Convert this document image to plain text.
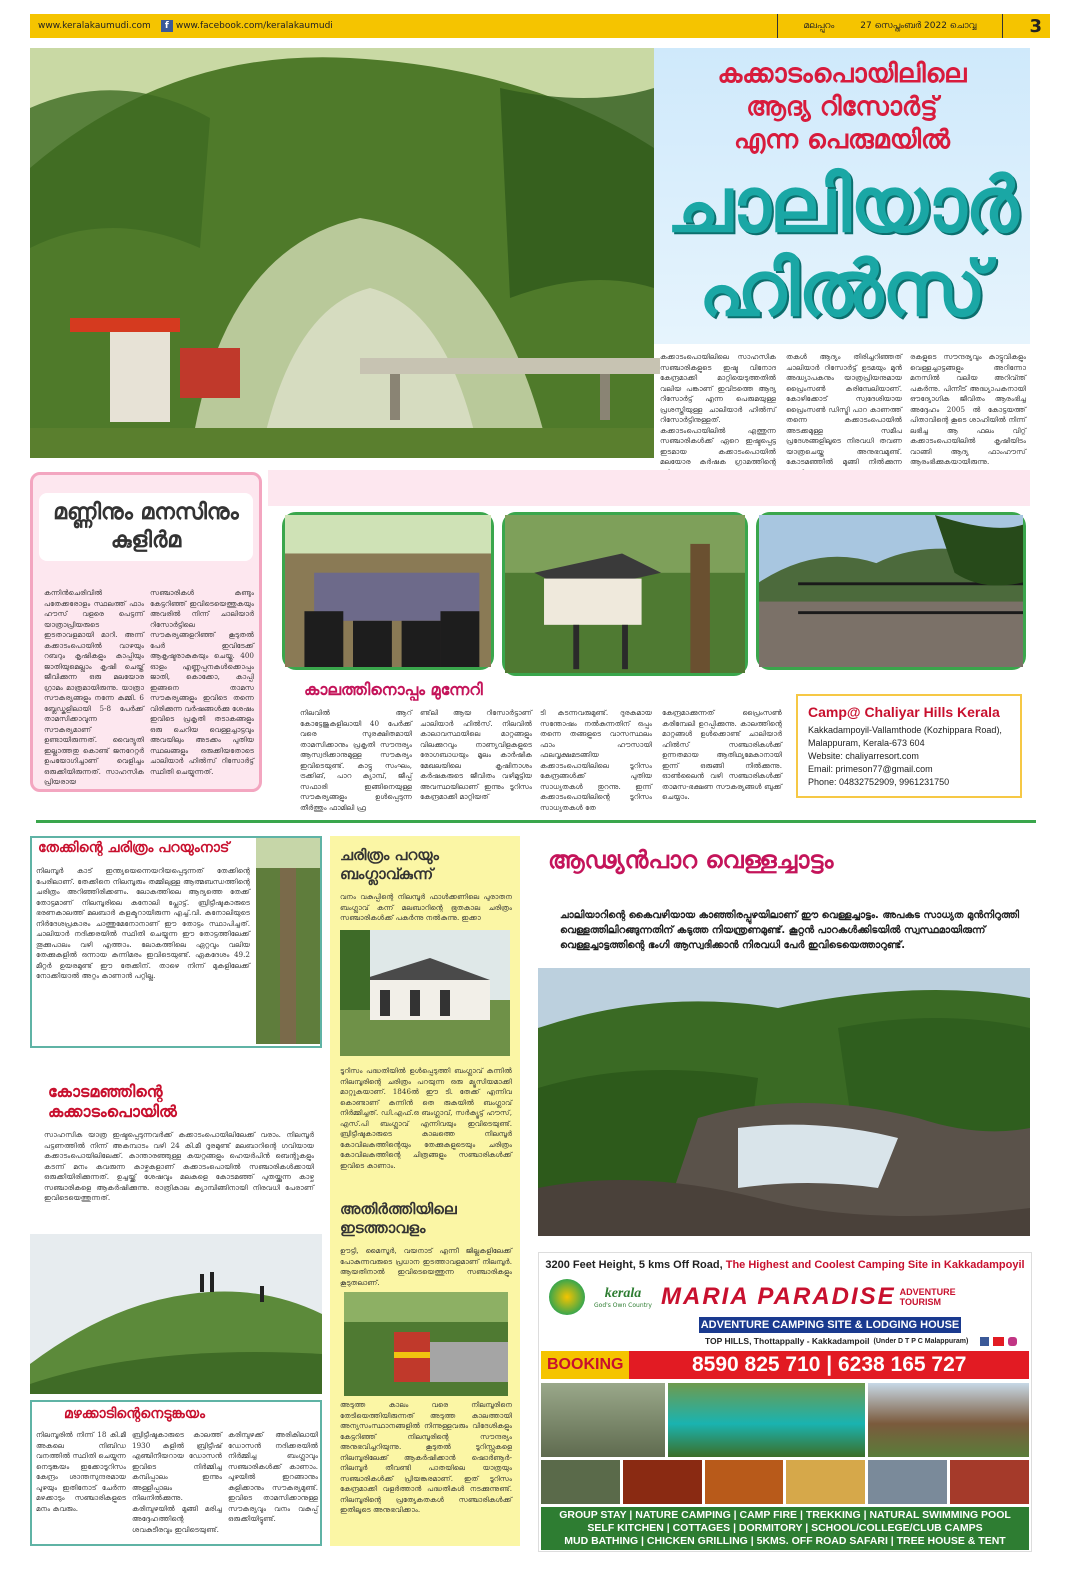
www.keralakaumudi.com	f www.facebook.com/keralakaumudi	മലപ്പുറം	27 സെപ്തംബർ 2022 ചൊവ്വ	3
കക്കാടംപൊയിലിലെ
ആദ്യ റിസോർട്ട്
എന്ന പെരുമയിൽ
ചാലിയാർ
ഹിൽസ്
കക്കാടംപൊയിലിലെ സാഹസിക സഞ്ചാരികളുടെ ഇഷ്ട വിനോദ കേന്ദ്രമാക്കി മാറ്റിയെടുത്തതിൽ വലിയ പങ്കാണ് ഇവിടത്തെ ആദ്യ റിസോർട്ട് എന്ന പെരുമയുള്ള പ്രശസ്തിയുള്ള ചാലിയാർ ഹിൽസ് റിസോർട്ടിനുള്ളത്. കക്കാടംപൊയിലിൽ എത്തുന്ന സഞ്ചാരികൾക്ക് ഏറെ ഇഷ്ടപ്പെട്ട ഇടമായ കക്കാടംപൊയിൽ മലയോര കർഷക ഗ്രാമത്തിന്റെ
തകൾ ആദ്യം തിരിച്ചറിഞ്ഞത് ചാലിയാർ റിസോർട്ട് ഉടമയും മുൻ അദ്ധ്യാപകനും യാത്രപ്രിയനുമായ പ്രൈംസൺ കരിമ്പേലിയാണ്. കോഴിക്കോട് സ്വദേശിയായ പ്രൈംസൺ ഡിസ്ട്രി പാറ കാണത്ത് തന്നെ കക്കാടംപൊയിൽ അടക്കമുള്ള സമീപ പ്രദേശങ്ങളിലൂടെ നിരവധി തവണ യാത്രചെയ്ത അനുഭവമുണ്ട്. കോടമഞ്ഞിൽ മുങ്ങി നിൽക്കുന്ന
രകളുടെ സൗന്ദര്യവും കാട്ടുവികളും വെള്ളച്ചാട്ടങ്ങളും അറിന്നോ മനസിൽ വലിയ അറിവ്ന്ത് പകർന്നു. പിന്നീട് അദ്ധ്യാപകനായി ഔദ്യോഗിക ജീവിതം ആരംഭിച്ച അദ്ദേഹം 2005 ൽ കോട്ടയത്ത് പിതാവിന്റെ കൂടെ ശാഹിയിൽ നിന്ന് ലഭിച്ച ആ ഫലം വിറ്റ് കക്കാടംപൊയിലിൽ കൃഷിയിടം വാങ്ങി ആദ്യ ഫാംഹൗസ് ആരംഭിക്കുകയായിരുന്നു.
മണ്ണിനും മനസിനും
കുളിർമ
കന്നിൻചെരിവിൽ പതേക്കരോളം സ്ഥലത്ത് ഫാം ഹൗസ് വളരെ പെട്ടന്ന് യാത്രാപ്രിയരുടെ ഇടതാവളമായി മാറി. അന്ന് കക്കാടംപൊയിൽ വാഴയും റബറും കൃഷികളും കാപ്പിയും ജാതിയുമെല്ലാം കൃഷി ചെയ്ത് ജീവിക്കുന്ന ഒരു മലയോര ഗ്രാമം മാത്രമായിരുന്നു. യാത്രാ സൗകര്യങ്ങളും നന്നേ കമ്മി. 6 ബ്ലേഡ്കളിലായി 5-8 പേർക്ക് താമസിക്കാവുന്ന സൗകര്യമാണ് ഉണ്ടായിരുന്നത്. വൈദ്യുതി ഇല്ലാത്തതു കൊണ്ട് ജനറേറ്റർ ഉപയോഗിച്ചാണ് വെളിച്ചം ഒരുക്കിയിരുന്നത്. സാഹസിക പ്രിയരായ
സഞ്ചാരികൾ കണ്ടും കേട്ടറിഞ്ഞ് ഇവിടെയെത്തുകയും അവരിൽ നിന്ന് ചാലിയാർ റിസോർട്ടിലെ സൗകര്യങ്ങളറിഞ്ഞ് കൂടുതൽ പേർ ഇവിടേക്ക് ആകൃഷ്ടരാകുകയും ചെയ്തു. 400 ഓളം എണ്ണപ്പനകൾക്കൊപ്പം ജാതി, കൊക്കോ, കാപ്പി ഇങ്ങനെ താമസ സൗകര്യങ്ങളും ഇവിടെ തന്നെ വിരിക്കുന്ന വർഷങ്ങൾക്കു ശേഷം ഇവിടെ പ്രകൃതി തടാകങ്ങളും ഒരു ചെറിയ വെള്ളച്ചാട്ടവും അവയിലും അടക്കം പുതിയ സ്ഥലങ്ങളും ഒരുക്കിയതോടെ ചാലിയാർ ഹിൽസ് റിസോർട്ട് സ്ഥിതി ചെയ്യുന്നത്.
കാലത്തിനൊപ്പം മുന്നേറി
നിലവിൽ ആറ് കോട്ടേജുകളിലായി 40 പേർക്ക് വരെ സുരക്ഷിതമായി താമസിക്കാനും പ്രകൃതി സൗന്ദര്യം ആസ്വദിക്കാനുമുള്ള സൗകര്യം ഇവിടെയുണ്ട്. കാട്ടു സംഘം, ട്രക്കിങ്, പാറ ക്യാമ്പ്, ജീപ്പ് സഫാരി ഇങ്ങിനെയുള്ള സൗകര്യങ്ങളും ഉൾപ്പെടുന്ന തീർത്തും ഫാമിലി ഫ്ര
ണ്ട്‌ലി ആയ റിസോർട്ടാണ് ചാലിയാർ ഹിൽസ്. നിലവിൽ കാലാവസ്ഥയിലെ മാറ്റങ്ങളും വിലക്കുറവും നാണ്യവിളകളുടെ രോഗബാധയും മൂലം കാർഷിക മേഖലയിലെ കൃഷിനാശം കർഷകരുടെ ജീവിതം വഴിമുട്ടിയ അവസ്ഥയിലാണ് ഇന്നും ടൂറിസം കേന്ദ്രമാക്കി മാറ്റിയത്
ടി കടന്നവരുമുണ്ട്. ദുരകമായ സന്തോഷം നൽകുന്നതിന് ഒപ്പം തന്നെ തങ്ങളുടെ വാസസ്ഥലം ഫാം ഹൗസായി ഫലവൃക്ഷമടങ്ങിയ കക്കാടംപൊയിലിലെ ടൂറിസം കേന്ദ്രങ്ങൾക്ക് പുതിയ സാധ്യതകൾ തുറന്നു. ഇന്ന് കക്കാടംപൊയിലിന്റെ ടൂറിസം സാധ്യതകൾ തേ
കേന്ദ്രമാക്കുന്നത് പ്രൈംസൺ കരിമ്പേലി ഉറപ്പിക്കുന്നു. കാലത്തിന്റെ മാറ്റങ്ങൾ ഉൾക്കൊണ്ട് ചാലിയാർ ഹിൽസ് സഞ്ചാരികൾക്ക് ഉന്നതമായ ആതിഥ്യമേകാനായി ഇന്ന് ഒരുങ്ങി നിൽക്കുന്നു. ഓൺലൈൻ വഴി സഞ്ചാരികൾക്ക് താമസ-ഭക്ഷണ സൗകര്യങ്ങൾ ബുക്ക് ചെയ്യാം.
Camp@ Chaliyar Hills Kerala

Kakkadampoyil-Vallamthode (Kozhippara Road),

Malappuram, Kerala-673 604

Website: chaliyarresort.com

Email: primeson77@gmail.com

Phone: 04832752909, 9961231750

തേക്കിന്റെ ചരിത്രം പറയുംനാട്
നിലമ്പൂർ കാട് ഇന്ത്യയെന്നെയറിയപ്പെടുന്നത് തേക്കിന്റെ പേരിലാണ്. തേക്കിനെ നിലമ്പൂരും തമ്മിലുള്ള ആത്മബന്ധത്തിന്റെ ചരിത്രം അറിഞ്ഞിരിക്കണം. ലോകത്തിലെ ആദ്യത്തെ തേക്ക് തോട്ടമാണ് നിലമ്പൂരിലെ കനോലി പ്ലോട്ട്. ബ്രിട്ടീഷുകാരുടെ ഭരണകാലത്ത് മലബാർ കളക്ടറായിരുന്ന എച്ച്.വി. കനോലിയുടെ നിർദേശപ്രകാരം ചാത്തുമേനോനാണ് ഈ തോട്ടം സ്ഥാപിച്ചത്. ചാലിയാർ നദിക്കരയിൽ സ്ഥിതി ചെയ്യുന്ന ഈ തോട്ടത്തിലേക്ക് തൂക്കുപാലം വഴി എത്താം. ലോകത്തിലെ ഏറ്റവും വലിയ തേക്കുകളിൽ ഒന്നായ കന്നിമരം ഇവിടെയുണ്ട്. ഏകദേശം 49.2 മീറ്റർ ഉയരമുണ്ട് ഈ തേക്കിന്. താഴെ നിന്ന് മുകളിലേക്ക് നോക്കിയാൽ അറ്റം കാണാൻ പറ്റില്ല.
കോടമഞ്ഞിന്റെ
കക്കാടംപൊയിൽ
സാഹസിക യാത്ര ഇഷ്ടപ്പെടുന്നവർക്ക് കക്കാടംപൊയിലിലേക്ക് വരാം. നിലമ്പൂർ പട്ടണത്തിൽ നിന്ന് അകമ്പാടം വഴി 24 കി.മീ ദൂരമുണ്ട് മലബാറിന്റെ ഗവിയായ കക്കാടംപൊയിലിലേക്ക്. കാന്താരഞ്ഞുള്ള കയറ്റങ്ങളും ഹെയർപിൻ ബെന്റുകളും കടന്ന് മനം കവരുന്ന കാഴ്ചകളാണ് കക്കാടംപൊയിൽ സഞ്ചാരികൾക്കായി ഒരുക്കിയിരിക്കുന്നത്. ഉച്ചയ്ക്ക് ശേഷവും മലകളെ കോടമഞ്ഞ് പുതയ്ക്കുന്ന കാഴ്ച സഞ്ചാരികളെ ആകർഷിക്കുന്നു. രാത്രികാല ക്യാമ്പിങ്ങിനായി നിരവധി പേരാണ് ഇവിടെയെത്തുന്നത്.
മഴക്കാടിന്റെനെടുങ്കയം
നിലമ്പൂരിൽ നിന്ന് 18 കി.മീ അകലെ നിബിഡ വനത്തിൽ സ്ഥിതി ചെയ്യുന്ന നെടുങ്കയം ഇക്കോടൂറിസം കേന്ദ്രം ശാന്തസുന്ദരമായ പുഴയും ഇതിനോട് ചേർന്ന മഴക്കാടും സഞ്ചാരികളുടെ മനം കവരും.
ബ്രിട്ടീഷുകാരുടെ കാലത്ത് 1930 കളിൽ ബ്രിട്ടീഷ് എഞ്ചിനീയറായ ഡോസൻ ഇവിടെ നിർമ്മിച്ച കമ്പിപ്പാലം ഇന്നും അള്ളിപ്പാലം നിലനിൽക്കുന്നു. കരിമ്പുഴയിൽ മുങ്ങി മരിച്ച അദ്ദേഹത്തിന്റെ ശവകുടീരവും ഇവിടെയുണ്ട്.
കരിമ്പുഴക്ക് അരികിലായി ഡോസൻ നദിക്കരയിൽ നിർമ്മിച്ച ബംഗ്ലാവും സഞ്ചാരികൾക്ക് കാണാം. പുഴയിൽ ഇറങ്ങാനും കുളിക്കാനും സൗകര്യമുണ്ട്. ഇവിടെ താമസിക്കാനുള്ള സൗകര്യവും വനം വകുപ്പ് ഒരുക്കിയിട്ടുണ്ട്.
ചരിത്രം പറയും
ബംഗ്ലാവ്കുന്ന്
വനം വകുപ്പിന്റെ നിലമ്പൂർ ഫാൾക്കണിലെ പുരാതന ബംഗ്ലാവ് കന്ന് മലബാറിന്റെ ഭൂതകാല ചരിത്രം സഞ്ചാരികൾക്ക് പകർന്നു നൽകുന്നു. ഇക്കാ
ടൂറിസം പദ്ധതിയിൽ ഉൾപ്പെടുത്തി ബംഗ്ലാവ് കന്നിൽ നിലമ്പൂരിന്റെ ചരിത്രം പറയുന്ന ഒരു മ്യൂസിയമാക്കി മാറ്റുകയാണ്. 1846ൽ ഈ ടി. തേക്ക് എന്നിവ കൊണ്ടാണ് കന്നിൻ തെ രുകയിൽ ബംഗ്ലാവ് നിർമ്മിച്ചത്. ഡി.എഫ്.ഒ ബംഗ്ലാവ്, സർക്യൂട്ട് ഹൗസ്, എസ്.പി ബംഗ്ലാവ് എന്നിവയും ഇവിടെയുണ്ട്. ബ്രിട്ടീഷുകാരുടെ കാലത്തെ നിലമ്പൂർ കോവിലകത്തിന്റെയും തേക്കുകളുടെയും ചരിത്രം കോവിലകത്തിന്റെ ചിത്രങ്ങളും സഞ്ചാരികൾക്ക് ഇവിടെ കാണാം.
അതിർത്തിയിലെ
ഇടത്താവളം
ഊട്ടി, മൈസൂർ, വയനാട് എന്നീ ജില്ലകളിലേക്ക് പോകുന്നവരുടെ പ്രധാന ഇടത്താവളമാണ് നിലമ്പൂർ. ആയതിനാൽ ഇവിടെയെത്തുന്ന സഞ്ചാരികളും കൂടുതലാണ്.
അടുത്ത കാലം വരെ നിലമ്പൂരിനെ തേടിയെത്തിയിരുന്നത് അടുത്ത കാലത്തായി അന്യസംസ്ഥാനങ്ങളിൽ നിന്നുള്ളവരും വിദേശികളും കേട്ടറിഞ്ഞ് നിലമ്പൂരിന്റെ സൗന്ദര്യം അനുഭവിച്ചറിയുന്നു. കൂടുതൽ ടൂറിസ്റ്റുകളെ നിലമ്പൂരിലേക്ക് ആകർഷിക്കാൻ ഷൊർണൂർ-നിലമ്പൂർ തീവണ്ടി പാതയിലെ യാത്രയും സഞ്ചാരികൾക്ക് പ്രിയങ്കരമാണ്. ഇത് ടൂറിസം കേന്ദ്രമാക്കി വളർത്താൻ പദ്ധതികൾ നടക്കുന്നുണ്ട്. നിലമ്പൂരിന്റെ പ്രത്യേകതകൾ സഞ്ചാരികൾക്ക് ഇതിലൂടെ അനുഭവിക്കാം.
ആഢ്യൻപാറ വെള്ളച്ചാട്ടം
ചാലിയാറിന്റെ കൈവഴിയായ കാഞ്ഞിരപ്പുഴയിലാണ് ഈ വെള്ളച്ചാട്ടം. അപകട സാധ്യത മുൻനിറുത്തി വെള്ളത്തിലിറങ്ങുന്നതിന് കടുത്ത നിയന്ത്രണമുണ്ട്. കൂറ്റൻ പാറകൾക്കിടയിൽ സ്വസ്ഥമായിരുന്ന് വെള്ളച്ചാട്ടത്തിന്റെ ഭംഗി ആസ്വദിക്കാൻ നിരവധി പേർ ഇവിടെയെത്താറുണ്ട്.
3200 Feet Height, 5 kms Off Road, The Highest and Coolest Camping Site in Kakkadampoyil
kerala
God's Own Country MARIA PARADISE ADVENTURE
TOURISM
ADVENTURE CAMPING SITE & LODGING HOUSE
TOP HILLS, Thottappally - Kakkadampoil (Under D T P C Malappuram)
BOOKING	8590 825 710 | 6238 165 727
GROUP STAY | NATURE CAMPING | CAMP FIRE | TREKKING | NATURAL SWIMMING POOL
SELF KITCHEN | COTTAGES | DORMITORY | SCHOOL/COLLEGE/CLUB CAMPS
MUD BATHING | CHICKEN GRILLING | 5KMS. OFF ROAD SAFARI | TREE HOUSE & TENT
